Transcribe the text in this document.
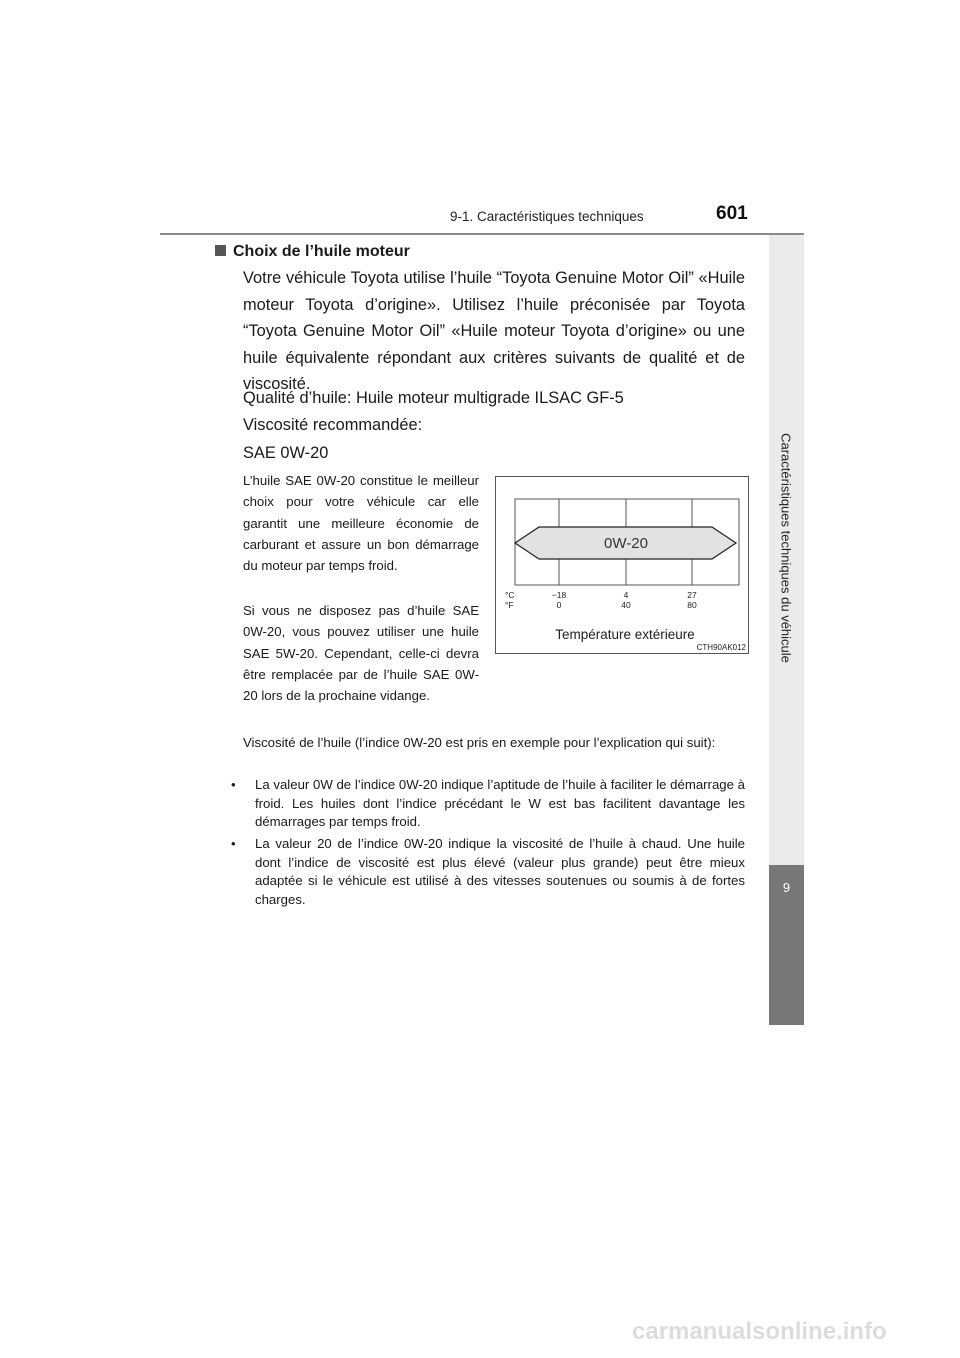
9-1. Caractéristiques techniques	601
Choix de l’huile moteur
Votre véhicule Toyota utilise l’huile “Toyota Genuine Motor Oil” «Huile moteur Toyota d’origine». Utilisez l’huile préconisée par Toyota “Toyota Genuine Motor Oil” «Huile moteur Toyota d’origine» ou une huile équivalente répondant aux critères suivants de qualité et de viscosité.
Qualité d’huile: Huile moteur multigrade ILSAC GF-5
Viscosité recommandée:
SAE 0W-20
L’huile SAE 0W-20 constitue le meilleur choix pour votre véhicule car elle garantit une meilleure économie de carburant et assure un bon démarrage du moteur par temps froid.
Si vous ne disposez pas d’huile SAE 0W-20, vous pouvez utiliser une huile SAE 5W-20. Cependant, celle-ci devra être remplacée par de l’huile SAE 0W-20 lors de la prochaine vidange.
0W-20
°C
°F
−18	4	27
0	40	80
Température extérieure
CTH90AK012
Viscosité de l’huile (l’indice 0W-20 est pris en exemple pour l’explication qui suit):
• La valeur 0W de l’indice 0W-20 indique l’aptitude de l’huile à faciliter le démarrage à froid. Les huiles dont l’indice précédant le W est bas facilitent davantage les démarrages par temps froid.
• La valeur 20 de l’indice 0W-20 indique la viscosité de l’huile à chaud. Une huile dont l’indice de viscosité est plus élevé (valeur plus grande) peut être mieux adaptée si le véhicule est utilisé à des vitesses soutenues ou soumis à de fortes charges.
Caractéristiques techniques du véhicule
9
carmanualsonline.info
